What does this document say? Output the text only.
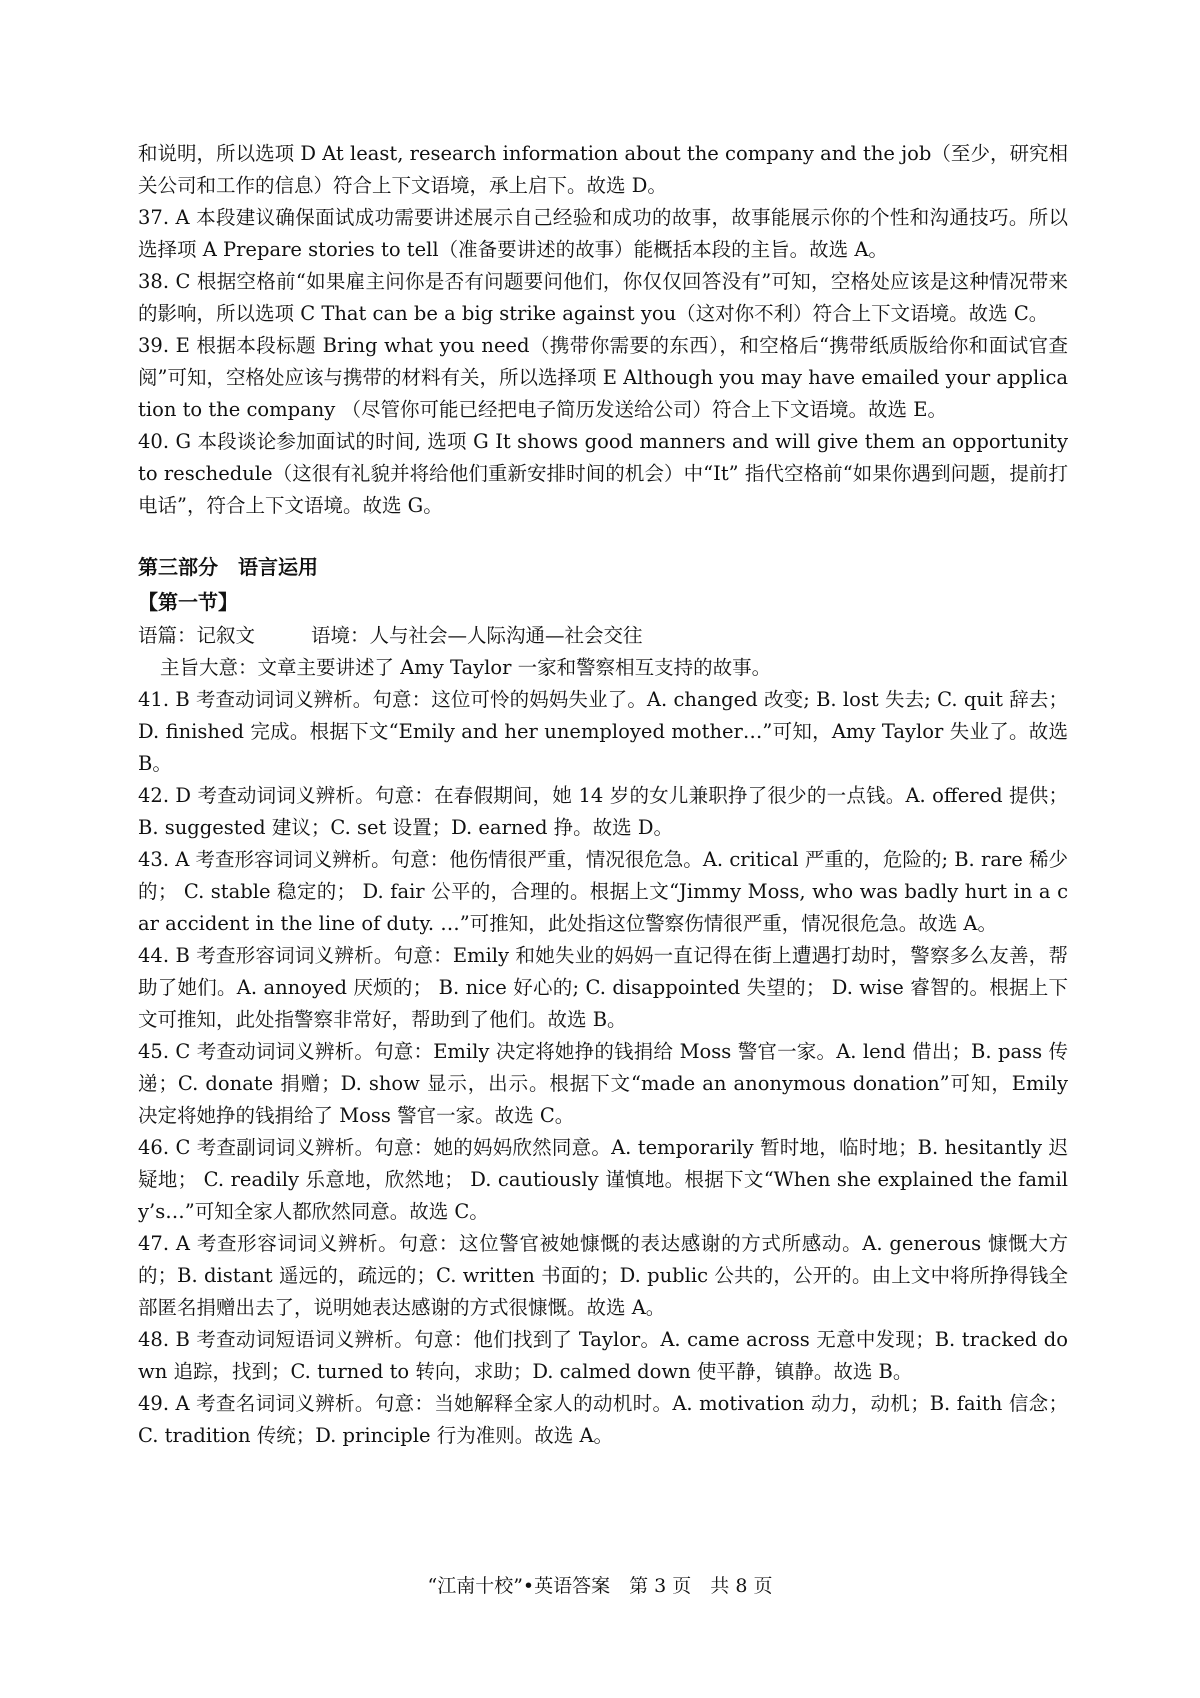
和说明，所以选项 D At least, research information about the company and the job（至少，研究相关公司和工作的信息）符合上下文语境，承上启下。故选 D。

37. A 本段建议确保面试成功需要讲述展示自己经验和成功的故事，故事能展示你的个性和沟通技巧。所以选择项 A Prepare stories to tell（准备要讲述的故事）能概括本段的主旨。故选 A。

38. C 根据空格前“如果雇主问你是否有问题要问他们，你仅仅回答没有”可知，空格处应该是这种情况带来的影响，所以选项 C That can be a big strike against you（这对你不利）符合上下文语境。故选 C。

39. E 根据本段标题 Bring what you need（携带你需要的东西），和空格后“携带纸质版给你和面试官查阅”可知，空格处应该与携带的材料有关，所以选择项 E Although you may have emailed your application to the company （尽管你可能已经把电子简历发送给公司）符合上下文语境。故选 E。

40. G 本段谈论参加面试的时间, 选项 G It shows good manners and will give them an opportunity to reschedule（这很有礼貌并将给他们重新安排时间的机会）中“It” 指代空格前“如果你遇到问题，提前打电话”，符合上下文语境。故选 G。

第三部分　语言运用

【第一节】

语篇：记叙文	语境：人与社会—人际沟通—社会交往

主旨大意：文章主要讲述了 Amy Taylor 一家和警察相互支持的故事。

41. B 考查动词词义辨析。句意：这位可怜的妈妈失业了。A. changed 改变; B. lost 失去; C. quit 辞去；D. finished 完成。根据下文“Emily and her unemployed mother…”可知，Amy Taylor 失业了。故选 B。

42. D 考查动词词义辨析。句意：在春假期间，她 14 岁的女儿兼职挣了很少的一点钱。A. offered 提供；B. suggested 建议；C. set 设置；D. earned 挣。故选 D。

43. A 考查形容词词义辨析。句意：他伤情很严重，情况很危急。A. critical 严重的，危险的; B. rare 稀少的； C. stable 稳定的； D. fair 公平的，合理的。根据上文“Jimmy Moss, who was badly hurt in a car accident in the line of duty. …”可推知，此处指这位警察伤情很严重，情况很危急。故选 A。

44. B 考查形容词词义辨析。句意：Emily 和她失业的妈妈一直记得在街上遭遇打劫时，警察多么友善，帮助了她们。A. annoyed 厌烦的； B. nice 好心的; C. disappointed 失望的； D. wise 睿智的。根据上下文可推知，此处指警察非常好，帮助到了他们。故选 B。

45. C 考查动词词义辨析。句意：Emily 决定将她挣的钱捐给 Moss 警官一家。A. lend 借出；B. pass 传递；C. donate 捐赠；D. show 显示，出示。根据下文“made an anonymous donation”可知，Emily 决定将她挣的钱捐给了 Moss 警官一家。故选 C。

46. C 考查副词词义辨析。句意：她的妈妈欣然同意。A. temporarily 暂时地，临时地；B. hesitantly 迟疑地； C. readily 乐意地，欣然地； D. cautiously 谨慎地。根据下文“When she explained the family’s…”可知全家人都欣然同意。故选 C。

47. A 考查形容词词义辨析。句意：这位警官被她慷慨的表达感谢的方式所感动。A. generous 慷慨大方的；B. distant 遥远的，疏远的；C. written 书面的；D. public 公共的，公开的。由上文中将所挣得钱全部匿名捐赠出去了，说明她表达感谢的方式很慷慨。故选 A。

48. B 考查动词短语词义辨析。句意：他们找到了 Taylor。A. came across 无意中发现；B. tracked down 追踪，找到；C. turned to 转向，求助；D. calmed down 使平静，镇静。故选 B。

49. A 考查名词词义辨析。句意：当她解释全家人的动机时。A. motivation 动力，动机；B. faith 信念；C. tradition 传统；D. principle 行为准则。故选 A。

“江南十校”•英语答案　第 3 页　共 8 页
